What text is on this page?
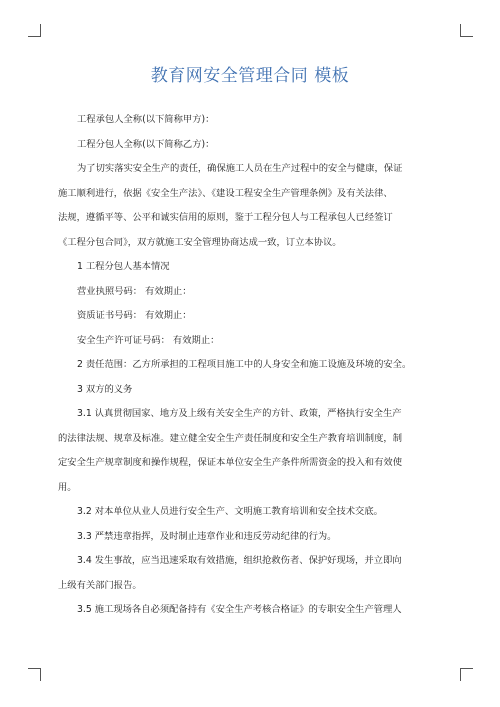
教育网安全管理合同 模板

工程承包人全称(以下简称甲方)：

工程分包人全称(以下简称乙方)：

为了切实落实安全生产的责任，确保施工人员在生产过程中的安全与健康，保证

施工顺利进行，依据《安全生产法》、《建设工程安全生产管理条例》及有关法律、

法规，遵循平等、公平和诚实信用的原则，鉴于工程分包人与工程承包人已经签订

《工程分包合同》，双方就施工安全管理协商达成一致，订立本协议。

1 工程分包人基本情况

营业执照号码： 有效期止：

资质证书号码： 有效期止：

安全生产许可证号码： 有效期止：

2 责任范围：乙方所承担的工程项目施工中的人身安全和施工设施及环境的安全。

3 双方的义务

3.1 认真贯彻国家、地方及上级有关安全生产的方针、政策，严格执行安全生产

的法律法规、规章及标准。建立健全安全生产责任制度和安全生产教育培训制度，制

定安全生产规章制度和操作规程，保证本单位安全生产条件所需资金的投入和有效使

用。

3.2 对本单位从业人员进行安全生产、文明施工教育培训和安全技术交底。

3.3 严禁违章指挥，及时制止违章作业和违反劳动纪律的行为。

3.4 发生事故，应当迅速采取有效措施，组织抢救伤者、保护好现场，并立即向

上级有关部门报告。

3.5 施工现场各自必须配备持有《安全生产考核合格证》的专职安全生产管理人
